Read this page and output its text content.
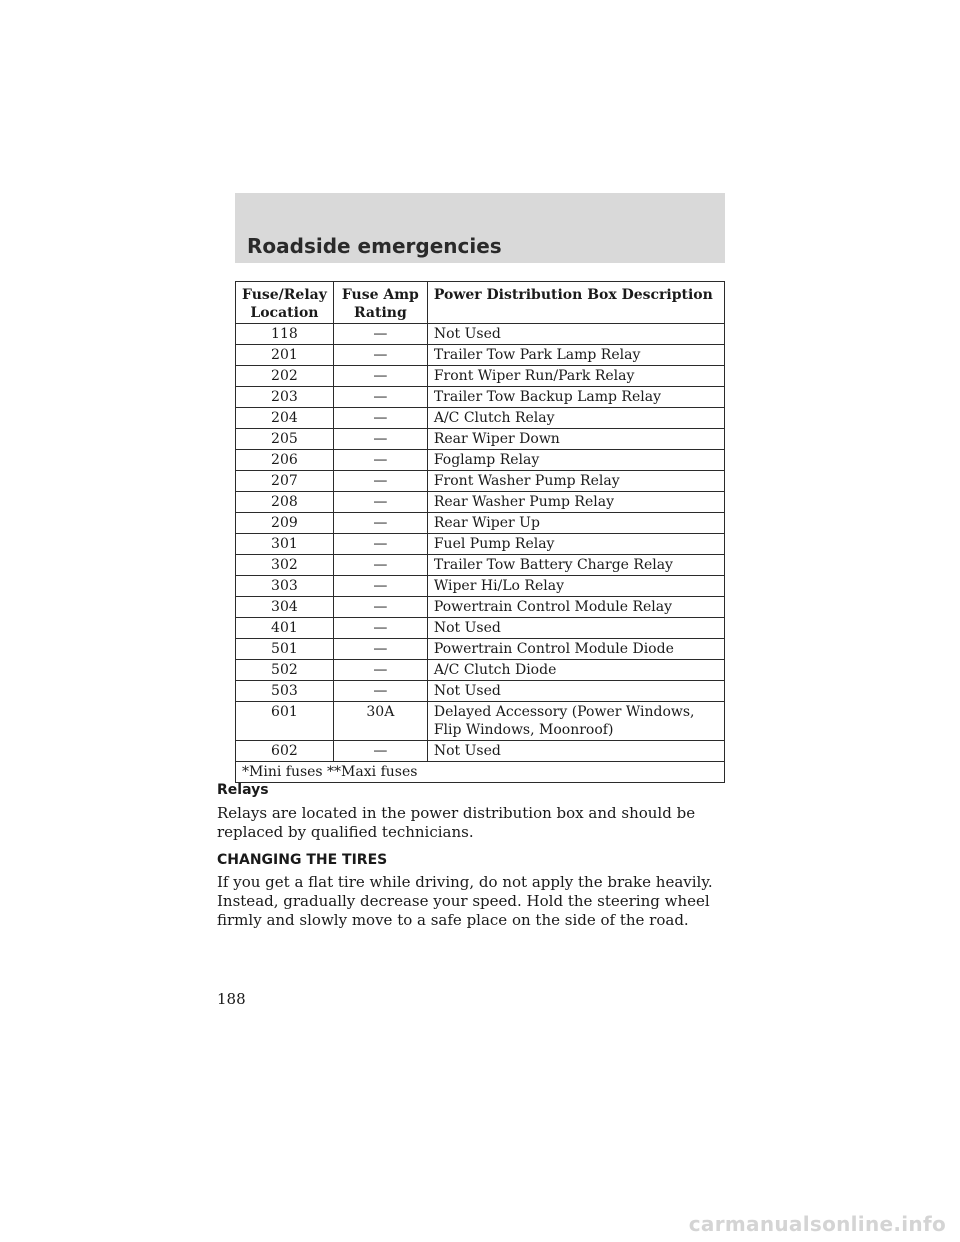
Roadside emergencies
Fuse/Relay Location	Fuse Amp Rating	Power Distribution Box Description
118	—	Not Used
201	—	Trailer Tow Park Lamp Relay
202	—	Front Wiper Run/Park Relay
203	—	Trailer Tow Backup Lamp Relay
204	—	A/C Clutch Relay
205	—	Rear Wiper Down
206	—	Foglamp Relay
207	—	Front Washer Pump Relay
208	—	Rear Washer Pump Relay
209	—	Rear Wiper Up
301	—	Fuel Pump Relay
302	—	Trailer Tow Battery Charge Relay
303	—	Wiper Hi/Lo Relay
304	—	Powertrain Control Module Relay
401	—	Not Used
501	—	Powertrain Control Module Diode
502	—	A/C Clutch Diode
503	—	Not Used
601	30A	Delayed Accessory (Power Windows, Flip Windows, Moonroof)
602	—	Not Used
*Mini fuses **Maxi fuses		
Relays
Relays are located in the power distribution box and should be replaced by qualified technicians.
CHANGING THE TIRES
If you get a flat tire while driving, do not apply the brake heavily. Instead, gradually decrease your speed. Hold the steering wheel firmly and slowly move to a safe place on the side of the road.
188
carmanualsonline.info
